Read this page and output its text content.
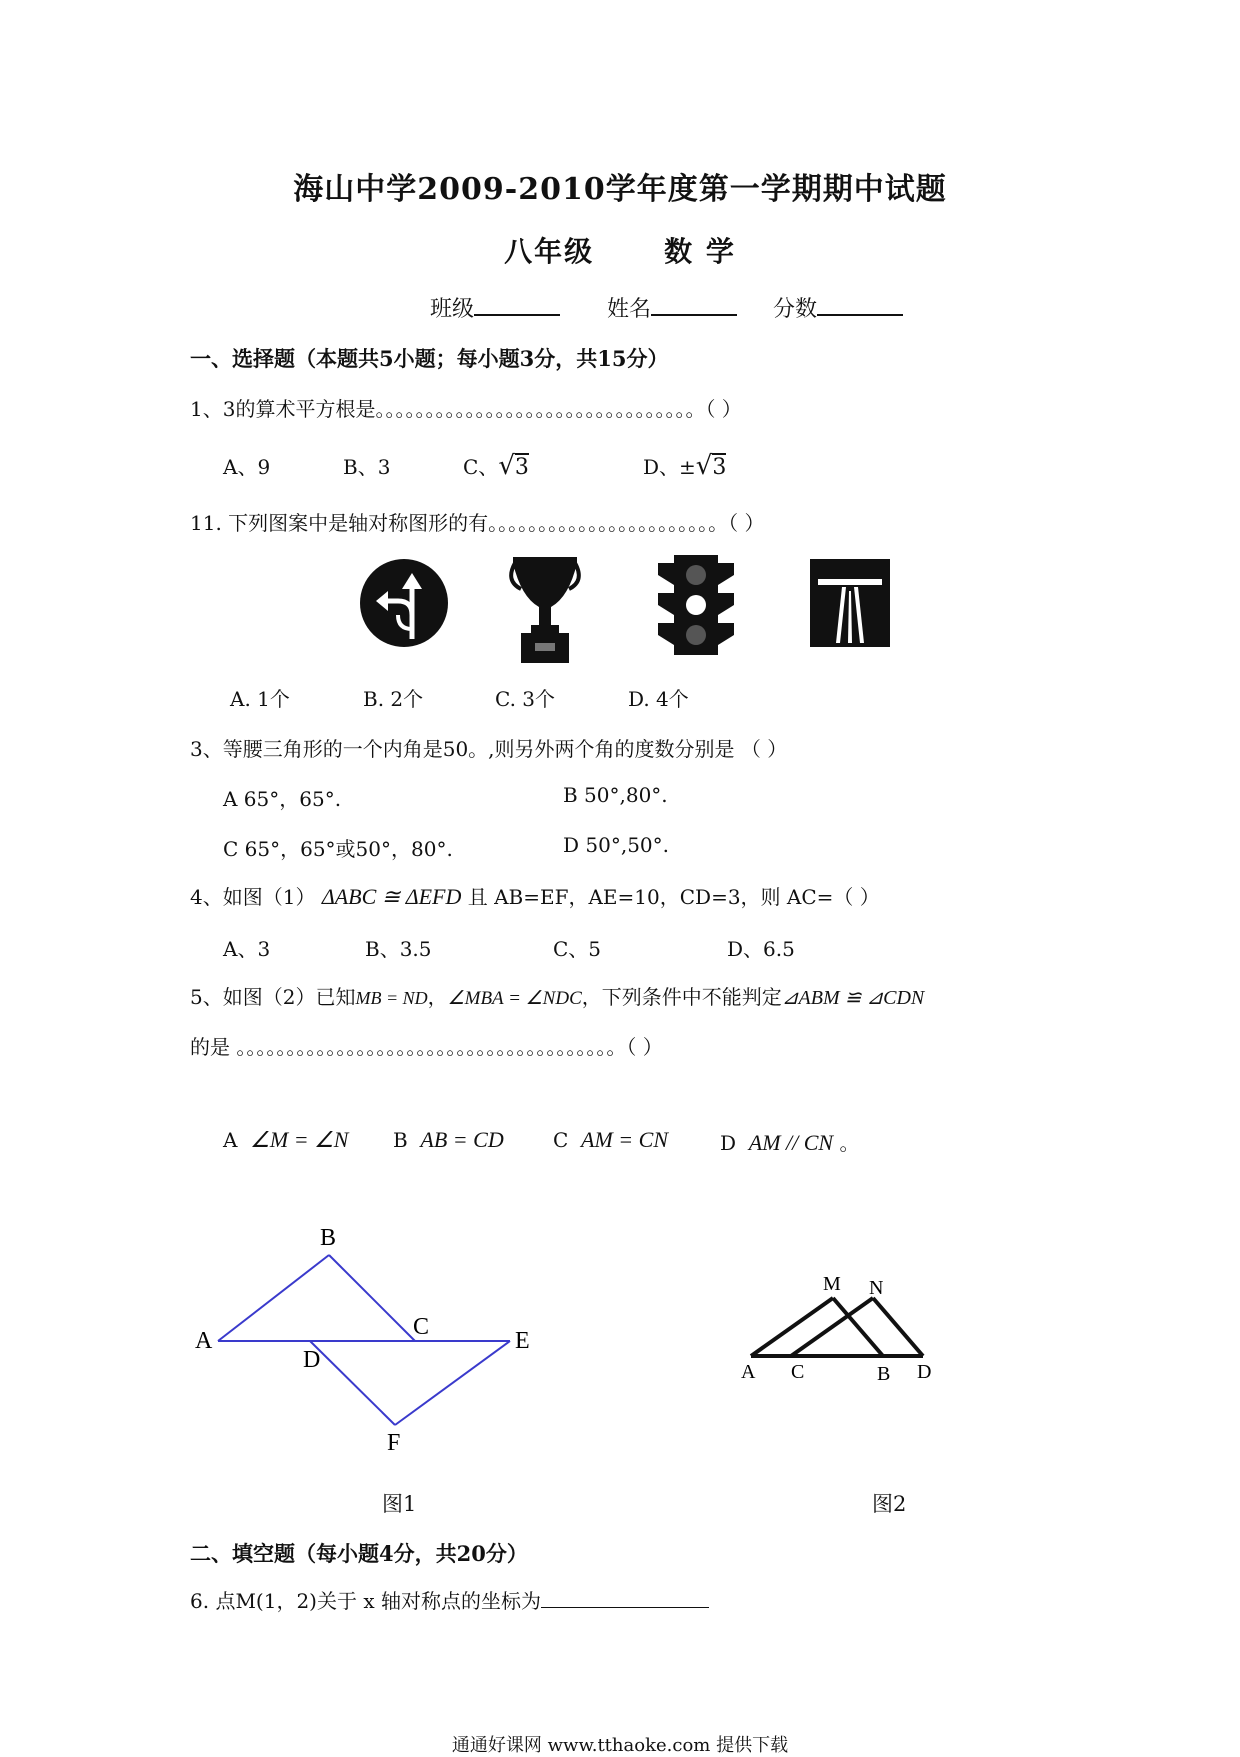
海山中学2009-2010学年度第一学期期中试题
八年级	数 学
班级	姓名	分数
一、选择题（本题共5小题；每小题3分，共15分）
1、3的算术平方根是。。。。。。。。。。。。。。。。。。。。。。。。。。。。。。。。（ ）
A、9	B、3	C、√3	D、±√3
11. 下列图案中是轴对称图形的有。。。。。。。。。。。。。。。。。。。。。。。（ ）
A. 1个	B. 2个	C. 3个	D. 4个
3、等腰三角形的一个内角是50。,则另外两个角的度数分别是 （ ）
A 65°，65°.	B 50°,80°.
C 65°，65°或50°，80°.	D 50°,50°.
4、如图（1） ΔABC ≅ ΔEFD 且 AB=EF，AE=10，CD=3，则 AC=（ ）
A、3	B、3.5	C、5	D、6.5
5、如图（2）已知MB = ND，∠MBA = ∠NDC，下列条件中不能判定⊿ABM ≌ ⊿CDN
的是 。。。。。。。。。。。。。。。。。。。。。。。。。。。。。。。。。。。。。。（ ）
A ∠M = ∠N B AB = CD C AM = CN	D AM // CN 。
A
B
C
D
E
F
M N
A C	B D
图1	图2
二、填空题（每小题4分，共20分）
6. 点M(1，2)关于 x 轴对称点的坐标为
通通好课网 www.tthaoke.com 提供下载
